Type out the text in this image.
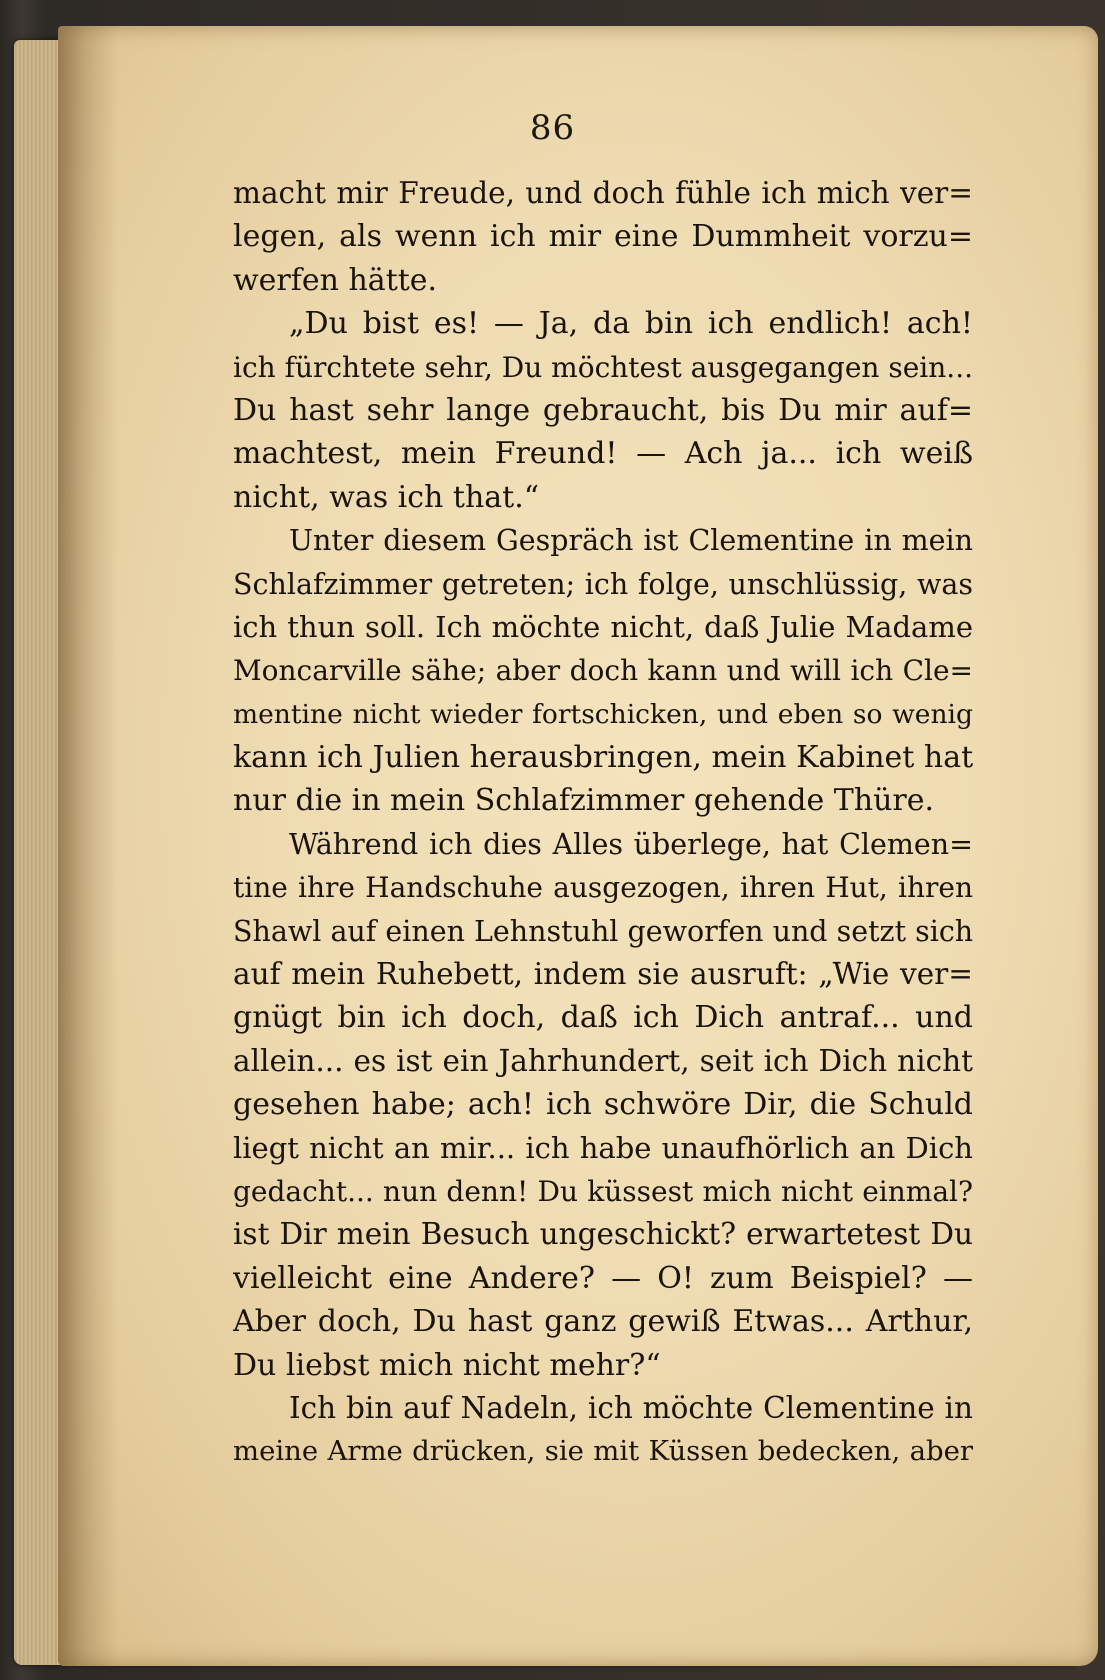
86
macht mir Freude, und doch fühle ich mich ver=
legen, als wenn ich mir eine Dummheit vorzu=
werfen hätte.
„Du bist es! — Ja, da bin ich endlich! ach!
ich fürchtete sehr, Du möchtest ausgegangen sein...
Du hast sehr lange gebraucht, bis Du mir auf=
machtest, mein Freund! — Ach ja... ich weiß
nicht, was ich that.“
Unter diesem Gespräch ist Clementine in mein
Schlafzimmer getreten; ich folge, unschlüssig, was
ich thun soll. Ich möchte nicht, daß Julie Madame
Moncarville sähe; aber doch kann und will ich Cle=
mentine nicht wieder fortschicken, und eben so wenig
kann ich Julien herausbringen, mein Kabinet hat
nur die in mein Schlafzimmer gehende Thüre.
Während ich dies Alles überlege, hat Clemen=
tine ihre Handschuhe ausgezogen, ihren Hut, ihren
Shawl auf einen Lehnstuhl geworfen und setzt sich
auf mein Ruhebett, indem sie ausruft: „Wie ver=
gnügt bin ich doch, daß ich Dich antraf... und
allein... es ist ein Jahrhundert, seit ich Dich nicht
gesehen habe; ach! ich schwöre Dir, die Schuld
liegt nicht an mir... ich habe unaufhörlich an Dich
gedacht... nun denn! Du küssest mich nicht einmal?
ist Dir mein Besuch ungeschickt? erwartetest Du
vielleicht eine Andere? — O! zum Beispiel? —
Aber doch, Du hast ganz gewiß Etwas... Arthur,
Du liebst mich nicht mehr?“
Ich bin auf Nadeln, ich möchte Clementine in
meine Arme drücken, sie mit Küssen bedecken, aber
